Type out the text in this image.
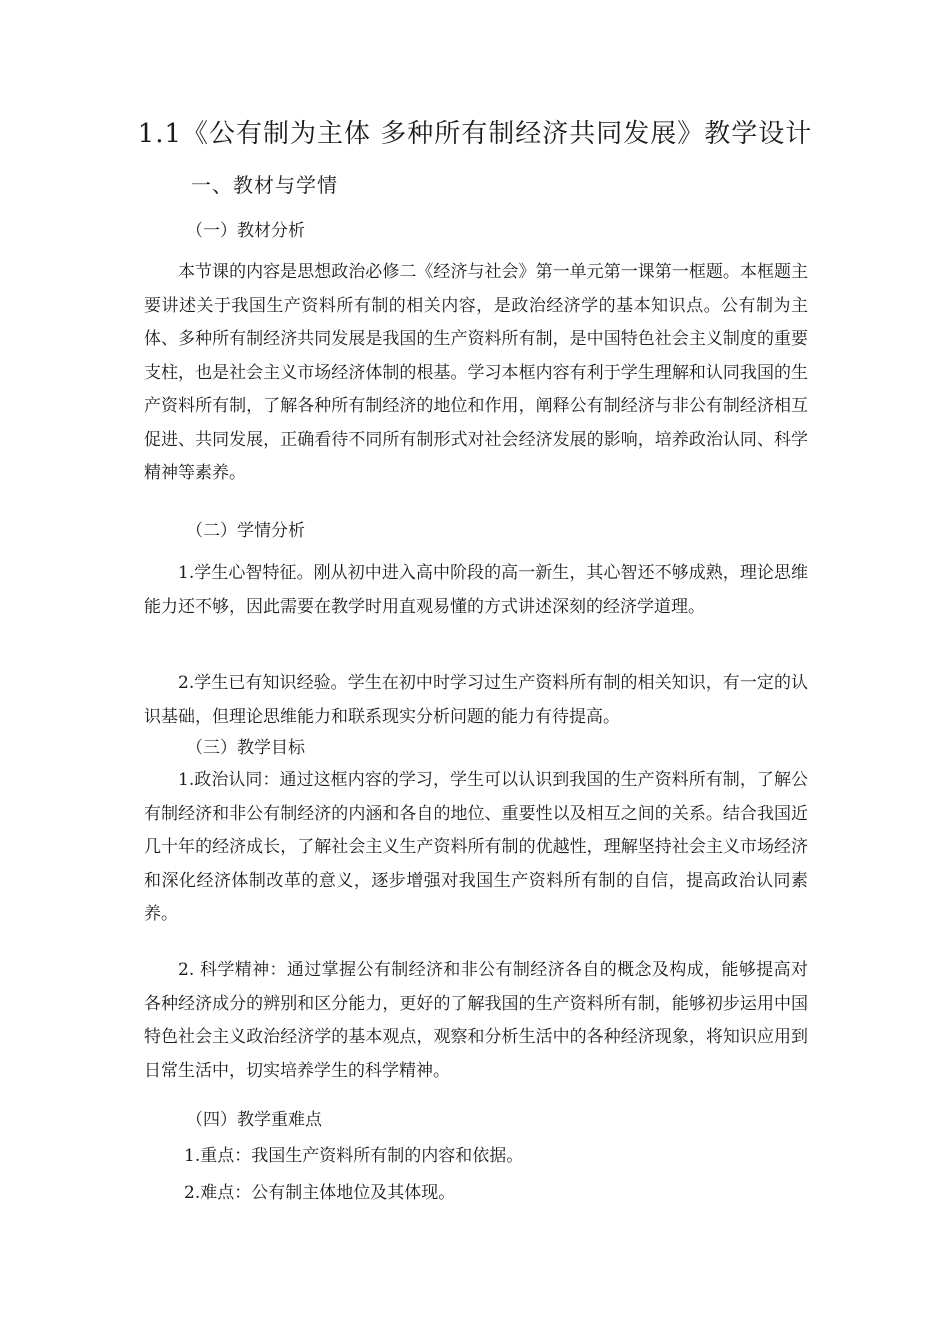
1.1《公有制为主体 多种所有制经济共同发展》教学设计
一、教材与学情
（一）教材分析

本节课的内容是思想政治必修二《经济与社会》第一单元第一课第一框题。本框题主要讲述关于我国生产资料所有制的相关内容，是政治经济学的基本知识点。公有制为主体、多种所有制经济共同发展是我国的生产资料所有制，是中国特色社会主义制度的重要支柱，也是社会主义市场经济体制的根基。学习本框内容有利于学生理解和认同我国的生产资料所有制，了解各种所有制经济的地位和作用，阐释公有制经济与非公有制经济相互促进、共同发展，正确看待不同所有制形式对社会经济发展的影响，培养政治认同、科学精神等素养。

（二）学情分析

1.学生心智特征。刚从初中进入高中阶段的高一新生，其心智还不够成熟，理论思维能力还不够，因此需要在教学时用直观易懂的方式讲述深刻的经济学道理。

2.学生已有知识经验。学生在初中时学习过生产资料所有制的相关知识，有一定的认识基础，但理论思维能力和联系现实分析问题的能力有待提高。

（三）教学目标

1.政治认同：通过这框内容的学习，学生可以认识到我国的生产资料所有制，了解公有制经济和非公有制经济的内涵和各自的地位、重要性以及相互之间的关系。结合我国近几十年的经济成长，了解社会主义生产资料所有制的优越性，理解坚持社会主义市场经济和深化经济体制改革的意义，逐步增强对我国生产资料所有制的自信，提高政治认同素养。

2. 科学精神：通过掌握公有制经济和非公有制经济各自的概念及构成，能够提高对各种经济成分的辨别和区分能力，更好的了解我国的生产资料所有制，能够初步运用中国特色社会主义政治经济学的基本观点，观察和分析生活中的各种经济现象，将知识应用到日常生活中，切实培养学生的科学精神。

（四）教学重难点
1.重点：我国生产资料所有制的内容和依据。
2.难点：公有制主体地位及其体现。
